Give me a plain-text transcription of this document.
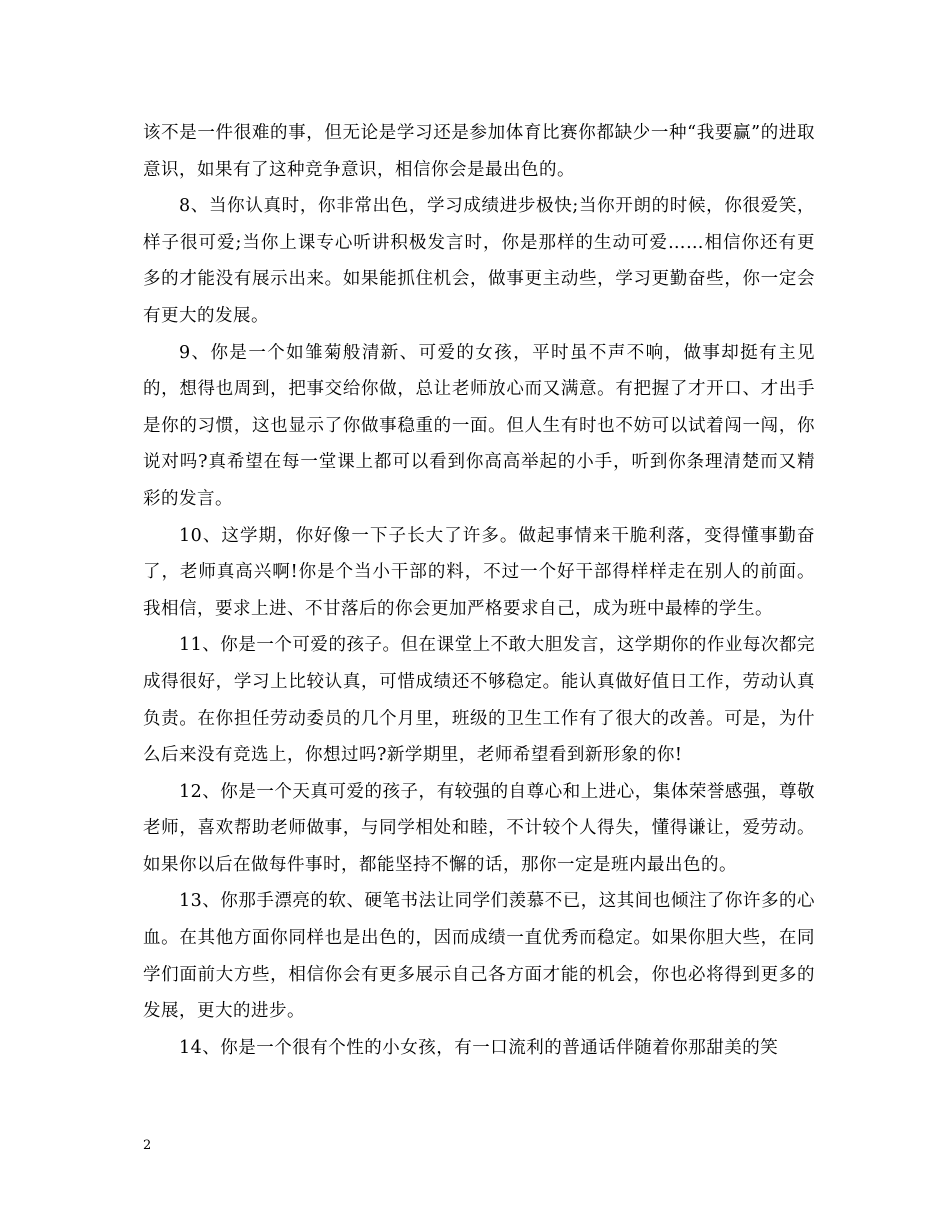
该不是一件很难的事，但无论是学习还是参加体育比赛你都缺少一种“我要赢”的进取意识，如果有了这种竞争意识，相信你会是最出色的。

8、当你认真时，你非常出色，学习成绩进步极快;当你开朗的时候，你很爱笑，样子很可爱;当你上课专心听讲积极发言时，你是那样的生动可爱……相信你还有更多的才能没有展示出来。如果能抓住机会，做事更主动些，学习更勤奋些，你一定会有更大的发展。

9、你是一个如雏菊般清新、可爱的女孩，平时虽不声不响，做事却挺有主见的，想得也周到，把事交给你做，总让老师放心而又满意。有把握了才开口、才出手是你的习惯，这也显示了你做事稳重的一面。但人生有时也不妨可以试着闯一闯，你说对吗?真希望在每一堂课上都可以看到你高高举起的小手，听到你条理清楚而又精彩的发言。

10、这学期，你好像一下子长大了许多。做起事情来干脆利落，变得懂事勤奋了，老师真高兴啊!你是个当小干部的料，不过一个好干部得样样走在别人的前面。我相信，要求上进、不甘落后的你会更加严格要求自己，成为班中最棒的学生。

11、你是一个可爱的孩子。但在课堂上不敢大胆发言，这学期你的作业每次都完成得很好，学习上比较认真，可惜成绩还不够稳定。能认真做好值日工作，劳动认真负责。在你担任劳动委员的几个月里，班级的卫生工作有了很大的改善。可是，为什么后来没有竞选上，你想过吗?新学期里，老师希望看到新形象的你!

12、你是一个天真可爱的孩子，有较强的自尊心和上进心，集体荣誉感强，尊敬老师，喜欢帮助老师做事，与同学相处和睦，不计较个人得失，懂得谦让，爱劳动。如果你以后在做每件事时，都能坚持不懈的话，那你一定是班内最出色的。

13、你那手漂亮的软、硬笔书法让同学们羡慕不已，这其间也倾注了你许多的心血。在其他方面你同样也是出色的，因而成绩一直优秀而稳定。如果你胆大些，在同学们面前大方些，相信你会有更多展示自己各方面才能的机会，你也必将得到更多的发展，更大的进步。

14、你是一个很有个性的小女孩，有一口流利的普通话伴随着你那甜美的笑

2
